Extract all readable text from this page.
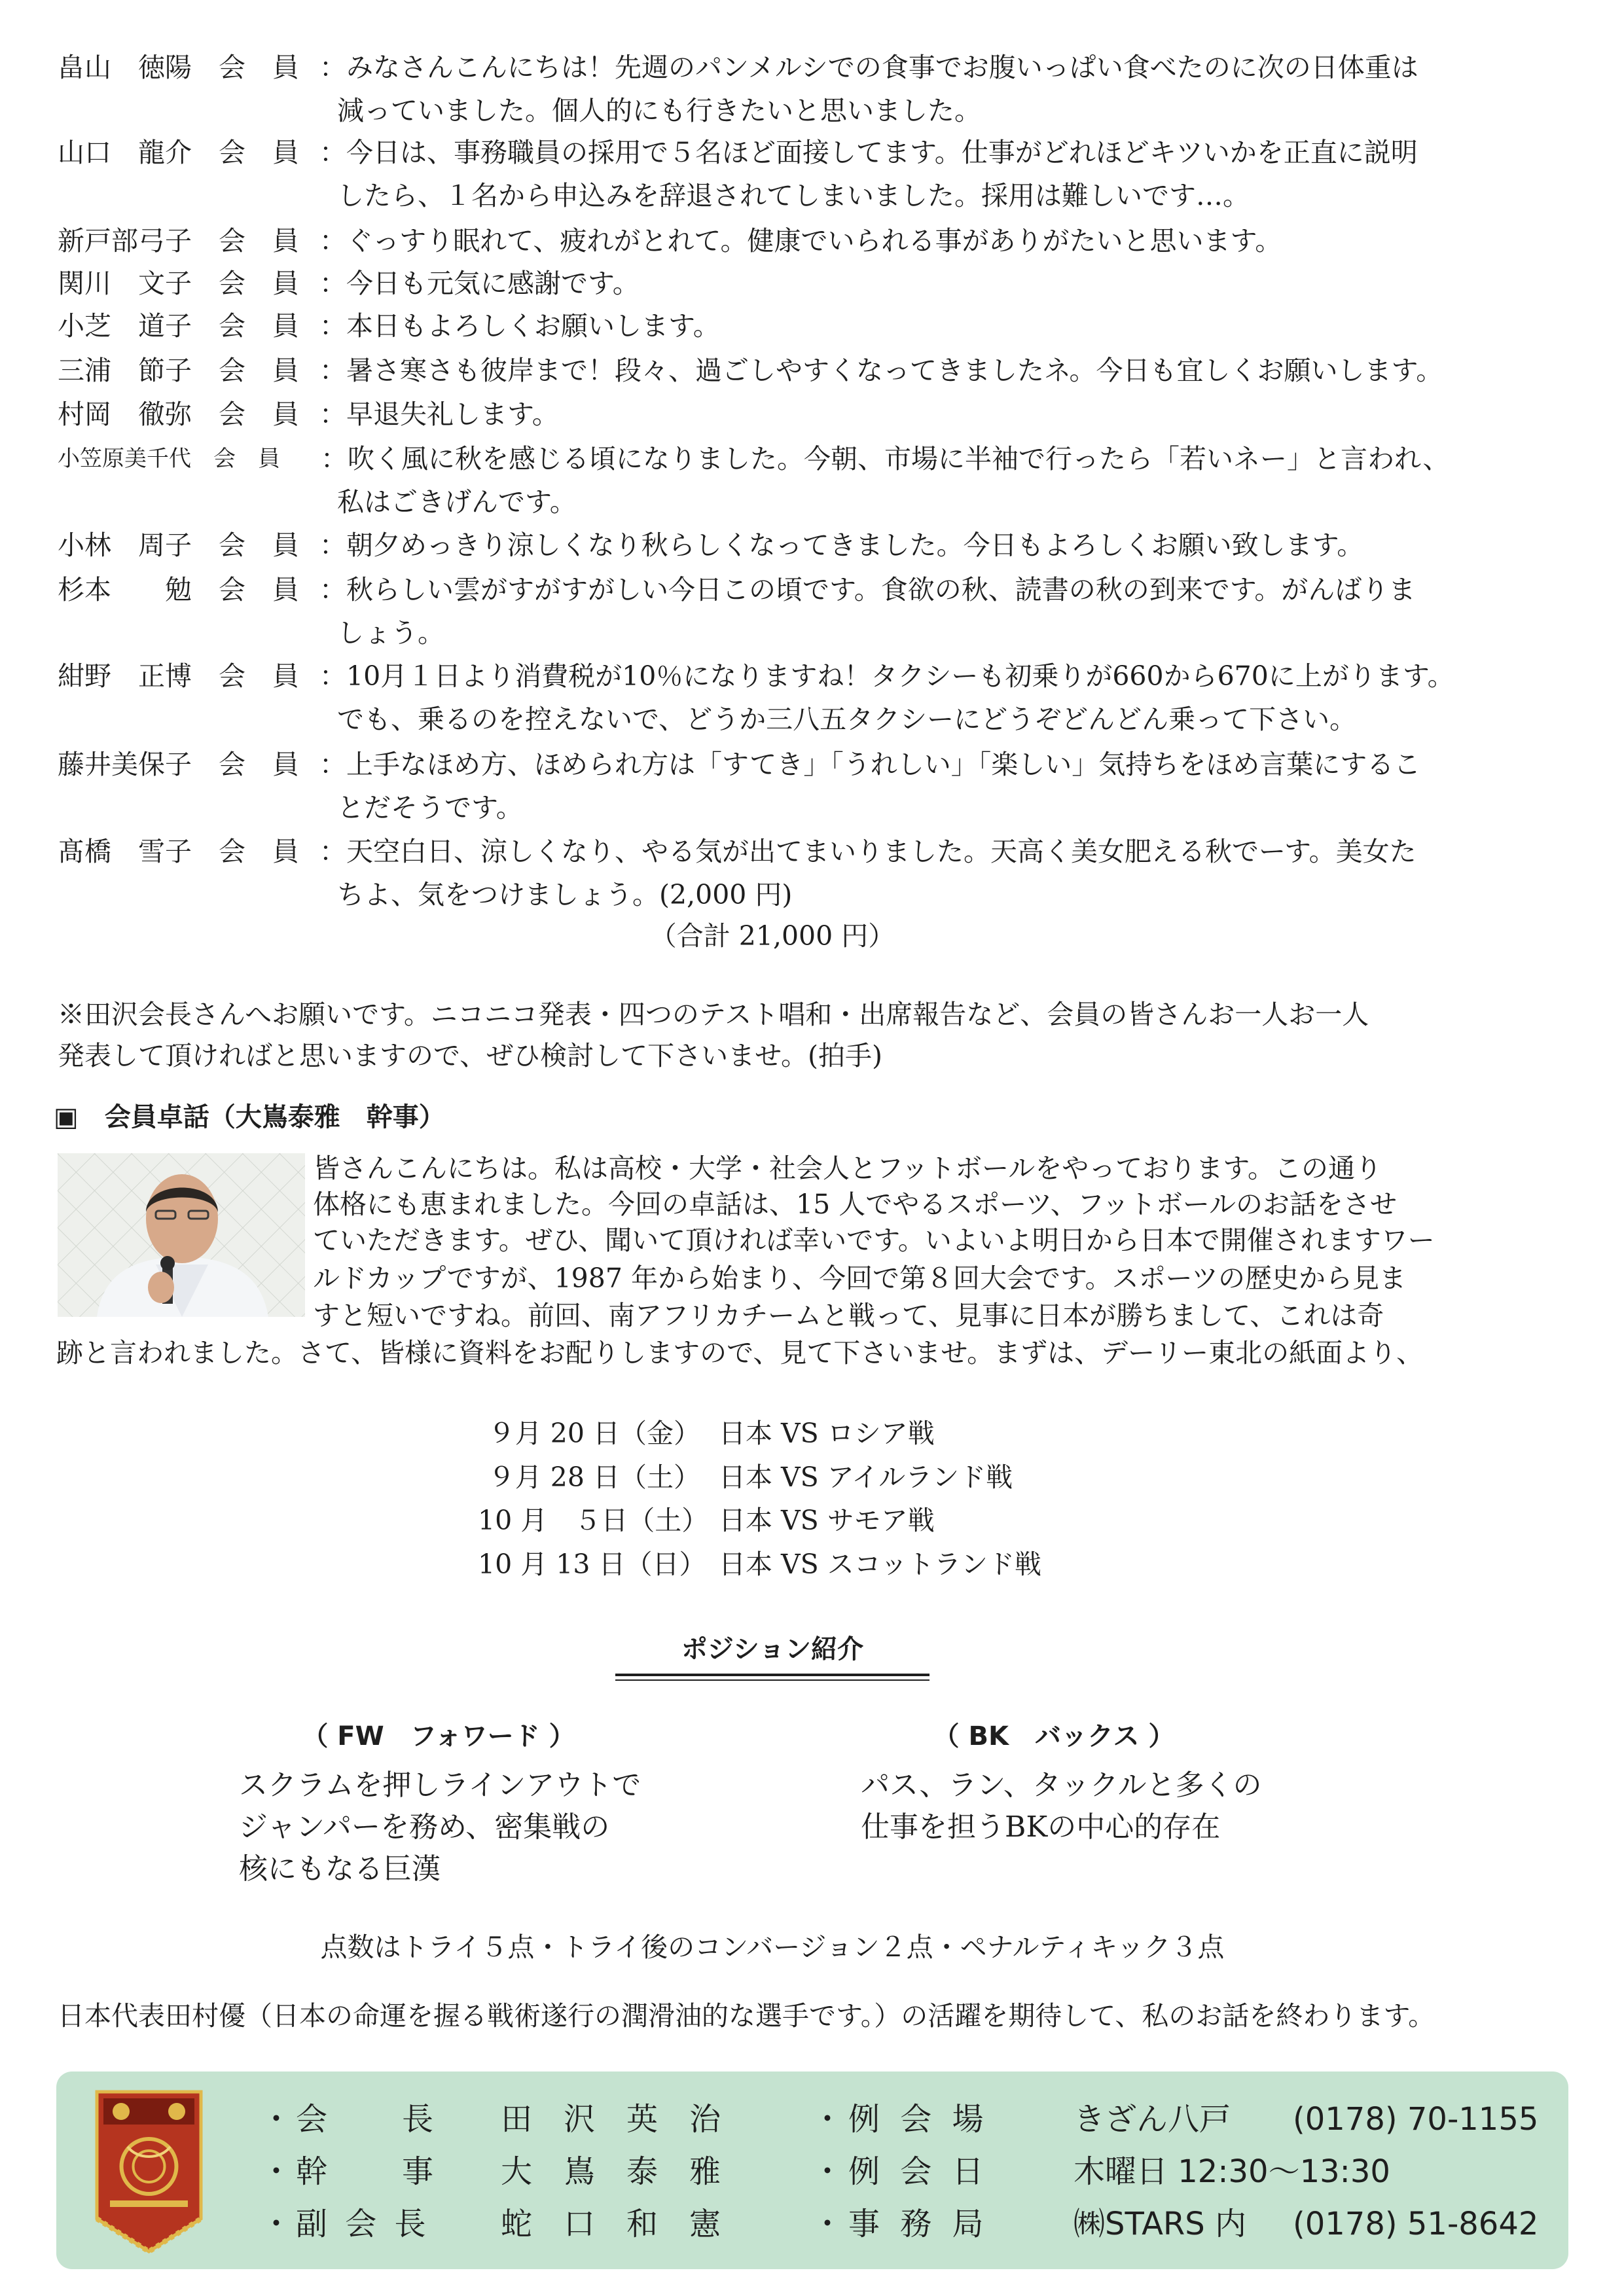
畠山　徳陽　会　員 ：みなさんこんにちは！先週のパンメルシでの食事でお腹いっぱい食べたのに次の日体重は
減っていました。個人的にも行きたいと思いました。
山口　龍介　会　員 ：今日は、事務職員の採用で５名ほど面接してます。仕事がどれほどキツいかを正直に説明
したら、１名から申込みを辞退されてしまいました。採用は難しいです…。
新戸部弓子　会　員 ：ぐっすり眠れて、疲れがとれて。健康でいられる事がありがたいと思います。
関川　文子　会　員 ：今日も元気に感謝です。
小芝　道子　会　員 ：本日もよろしくお願いします。
三浦　節子　会　員 ：暑さ寒さも彼岸まで！段々、過ごしやすくなってきましたネ。今日も宜しくお願いします。
村岡　徹弥　会　員 ：早退失礼します。
小笠原美千代　会　員	：吹く風に秋を感じる頃になりました。今朝、市場に半袖で行ったら「若いネー」と言われ、
私はごきげんです。
小林　周子　会　員 ：朝夕めっきり涼しくなり秋らしくなってきました。今日もよろしくお願い致します。
杉本　　勉　会　員 ：秋らしい雲がすがすがしい今日この頃です。食欲の秋、読書の秋の到来です。がんばりま
しょう。
紺野　正博　会　員 ：10月１日より消費税が10％になりますね！タクシーも初乗りが660から670に上がります。
でも、乗るのを控えないで、どうか三八五タクシーにどうぞどんどん乗って下さい。
藤井美保子　会　員 ：上手なほめ方、ほめられ方は「すてき」「うれしい」「楽しい」気持ちをほめ言葉にするこ
とだそうです。
髙橋　雪子　会　員 ：天空白日、涼しくなり、やる気が出てまいりました。天高く美女肥える秋でーす。美女た
ちよ、気をつけましょう。(2,000 円)
（合計 21,000 円）
※田沢会長さんへお願いです。ニコニコ発表・四つのテスト唱和・出席報告など、会員の皆さんお一人お一人
発表して頂ければと思いますので、ぜひ検討して下さいませ。(拍手)
▣　会員卓話（大嶌泰雅　幹事）
皆さんこんにちは。私は高校・大学・社会人とフットボールをやっております。この通り
体格にも恵まれました。今回の卓話は、15 人でやるスポーツ、フットボールのお話をさせ
ていただきます。ぜひ、聞いて頂ければ幸いです。いよいよ明日から日本で開催されますワー
ルドカップですが、1987 年から始まり、今回で第８回大会です。スポーツの歴史から見ま
すと短いですね。前回、南アフリカチームと戦って、見事に日本が勝ちまして、これは奇
跡と言われました。さて、皆様に資料をお配りしますので、見て下さいませ。まずは、デーリー東北の紙面より、
９月 20 日（金） 日本 VS ロシア戦
９月 28 日（土） 日本 VS アイルランド戦
10 月　５日（土） 日本 VS サモア戦
10 月 13 日（日） 日本 VS スコットランド戦
ポジション紹介
（ FW　フォワード ）	（ BK　バックス ）
スクラムを押しラインアウトで
ジャンパーを務め、密集戦の
核にもなる巨漢
パス、ラン、タックルと多くの
仕事を担うBKの中心的存在
点数はトライ５点・トライ後のコンバージョン２点・ペナルティキック３点
日本代表田村優（日本の命運を握る戦術遂行の潤滑油的な選手です。）の活躍を期待して、私のお話を終わります。
・会　　長 田　沢　英　治	・例 会 場	きざん八戸 (0178) 70-1155
・幹　　事 大　嶌　泰　雅	・例 会 日	木曜日 12:30〜13:30
・副 会 長 蛇　口　和　憲	・事 務 局	㈱STARS 内 (0178) 51-8642
